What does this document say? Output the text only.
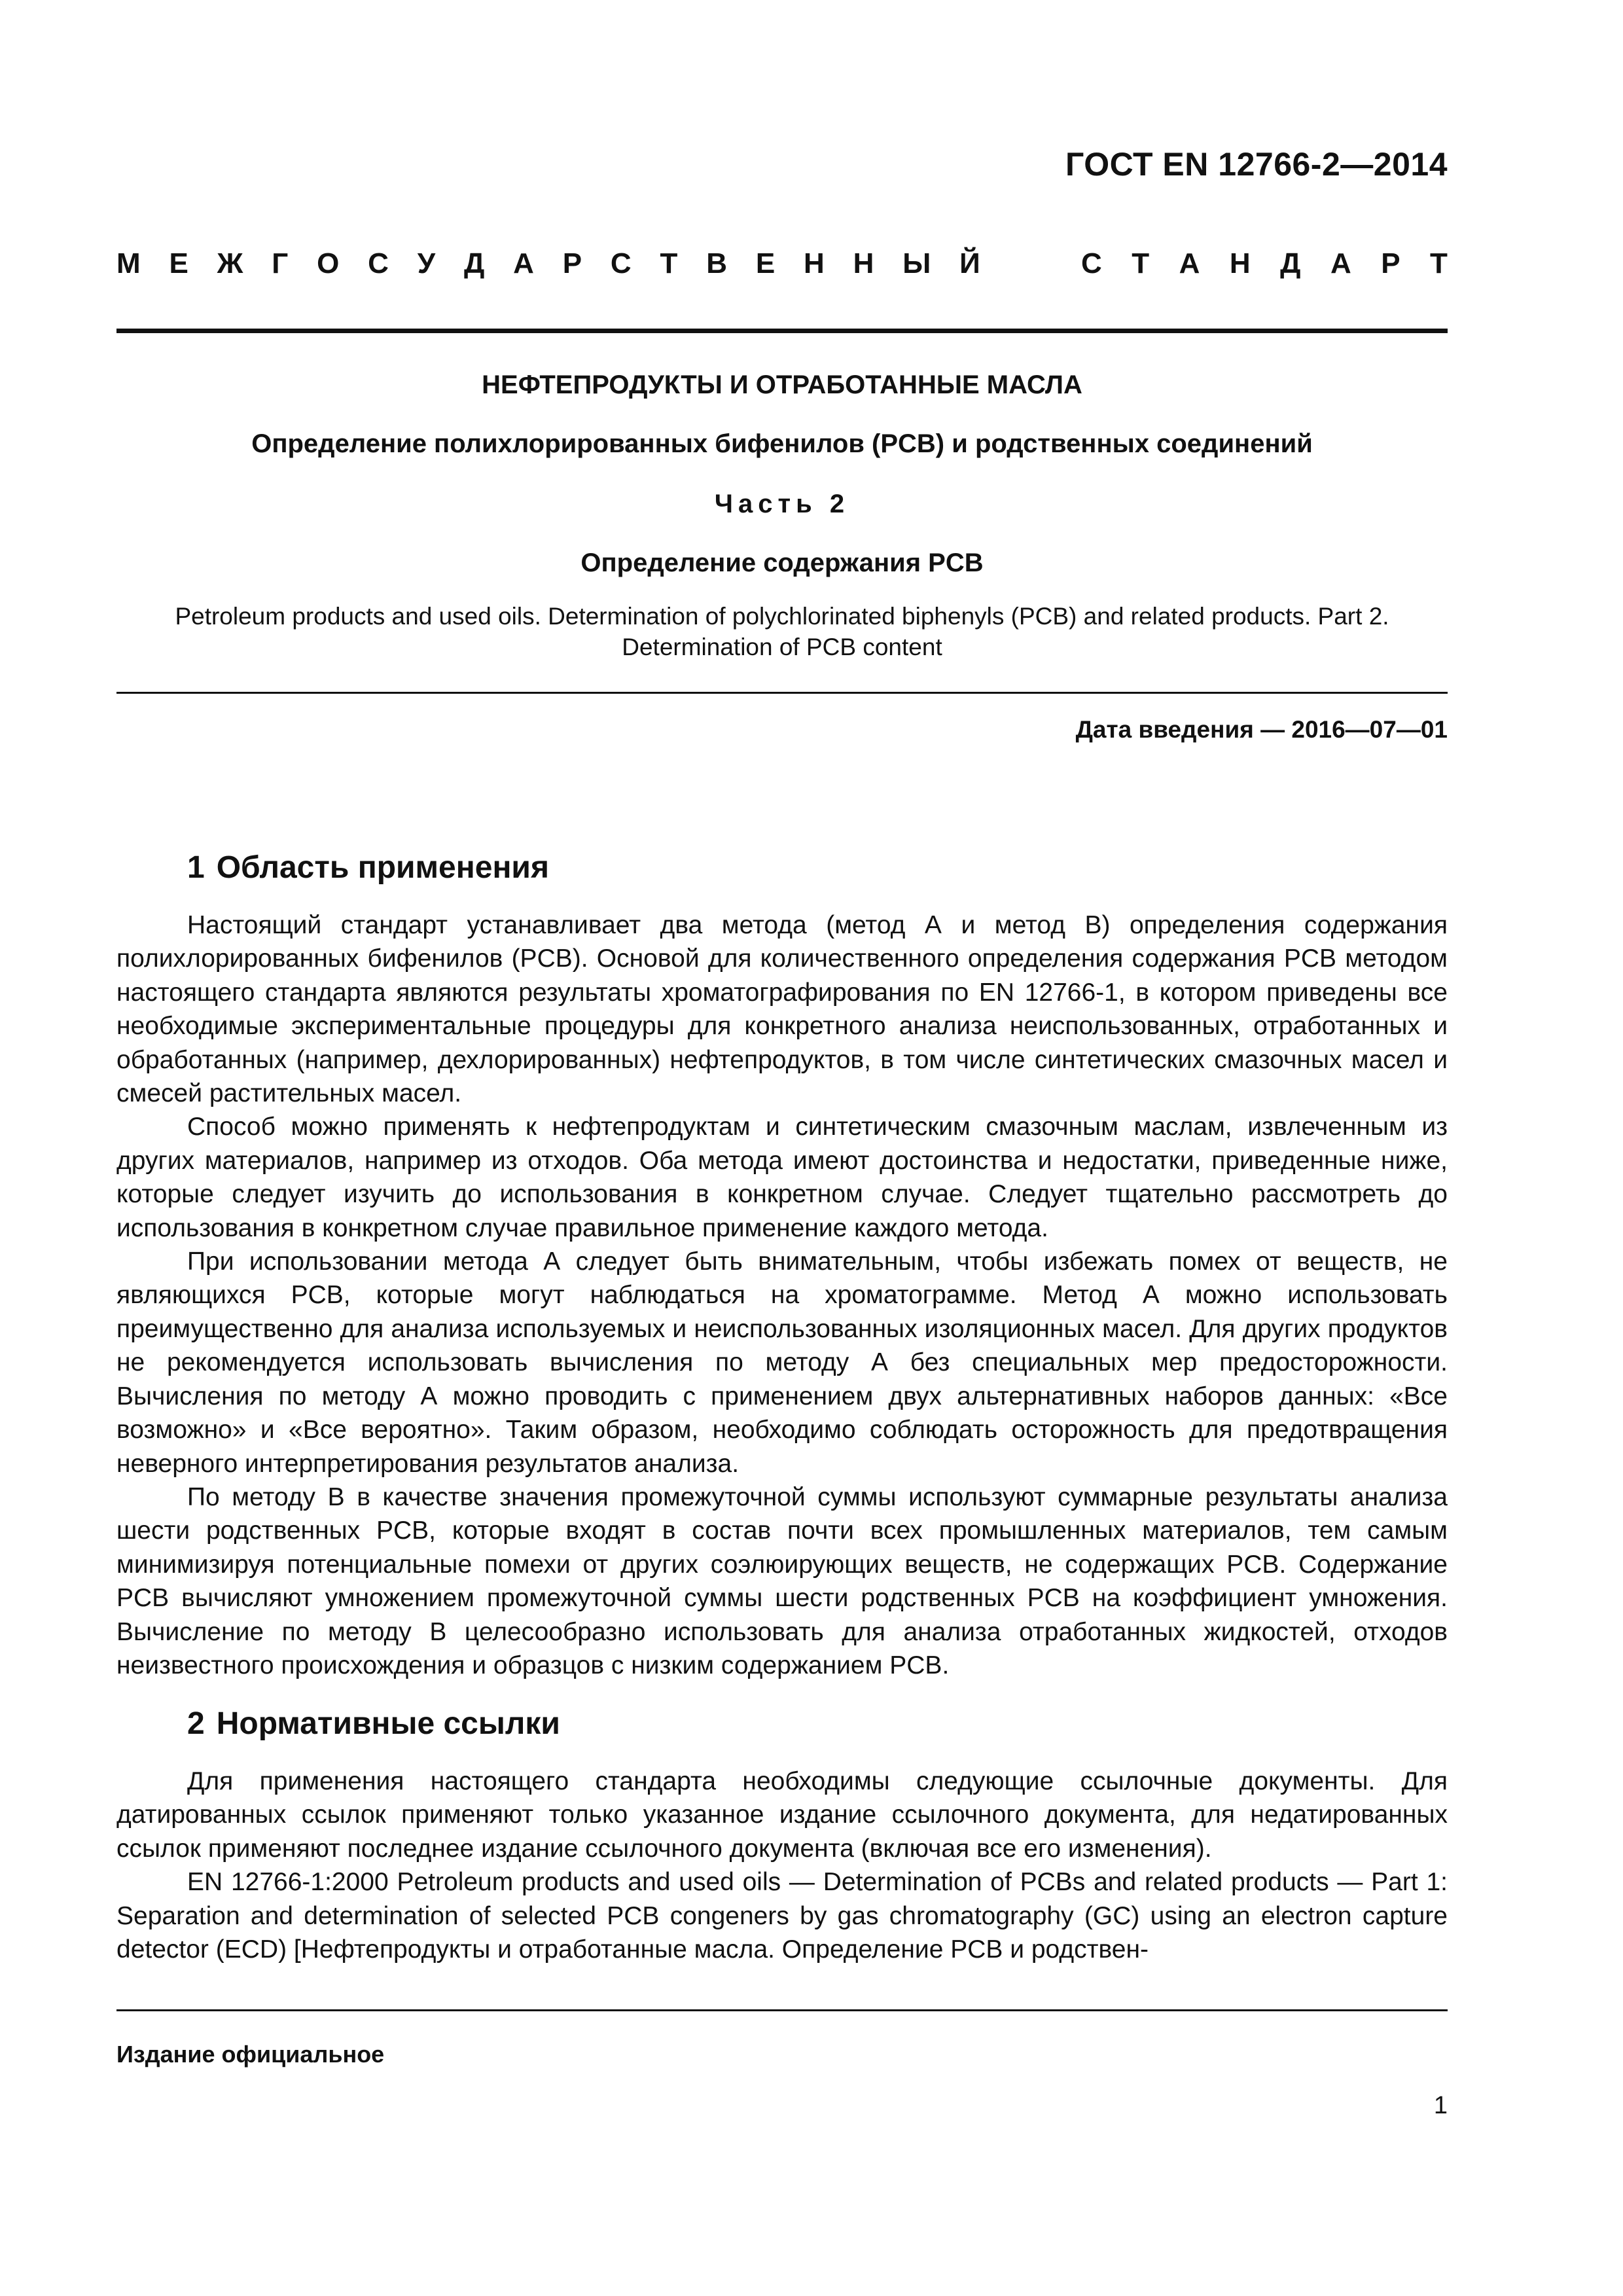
ГОСТ EN 12766-2—2014
М Е Ж Г О С У Д А Р С Т В Е Н Н Ы Й	С Т А Н Д А Р Т
НЕФТЕПРОДУКТЫ И ОТРАБОТАННЫЕ МАСЛА
Определение полихлорированных бифенилов (PCB) и родственных соединений
Часть 2
Определение содержания PCB
Petroleum products and used oils. Determination of polychlorinated biphenyls (PCB) and related products. Part 2.
Determination of PCB content
Дата введения — 2016—07—01
1 Область применения

Настоящий стандарт устанавливает два метода (метод А и метод В) определения содержания полихлорированных бифенилов (PCB). Основой для количественного определения содержания PCB методом настоящего стандарта являются результаты хроматографирования по EN 12766-1, в котором приведены все необходимые экспериментальные процедуры для конкретного анализа неиспользованных, отработанных и обработанных (например, дехлорированных) нефтепродуктов, в том числе синтетических смазочных масел и смесей растительных масел.

Способ можно применять к нефтепродуктам и синтетическим смазочным маслам, извлеченным из других материалов, например из отходов. Оба метода имеют достоинства и недостатки, приведенные ниже, которые следует изучить до использования в конкретном случае. Следует тщательно рассмотреть до использования в конкретном случае правильное применение каждого метода.

При использовании метода А следует быть внимательным, чтобы избежать помех от веществ, не являющихся PCB, которые могут наблюдаться на хроматограмме. Метод А можно использовать преимущественно для анализа используемых и неиспользованных изоляционных масел. Для других продуктов не рекомендуется использовать вычисления по методу А без специальных мер предосторожности. Вычисления по методу А можно проводить с применением двух альтернативных наборов данных: «Все возможно» и «Все вероятно». Таким образом, необходимо соблюдать осторожность для предотвращения неверного интерпретирования результатов анализа.

По методу В в качестве значения промежуточной суммы используют суммарные результаты анализа шести родственных PCB, которые входят в состав почти всех промышленных материалов, тем самым минимизируя потенциальные помехи от других соэлюирующих веществ, не содержащих PCB. Содержание PCB вычисляют умножением промежуточной суммы шести родственных PCB на коэффициент умножения. Вычисление по методу В целесообразно использовать для анализа отработанных жидкостей, отходов неизвестного происхождения и образцов с низким содержанием PCB.

2 Нормативные ссылки

Для применения настоящего стандарта необходимы следующие ссылочные документы. Для датированных ссылок применяют только указанное издание ссылочного документа, для недатированных ссылок применяют последнее издание ссылочного документа (включая все его изменения).

EN 12766-1:2000 Petroleum products and used oils — Determination of PCBs and related products — Part 1: Separation and determination of selected PCB congeners by gas chromatography (GC) using an electron capture detector (ECD) [Нефтепродукты и отработанные масла. Определение PCB и родствен-

Издание официальное
1
